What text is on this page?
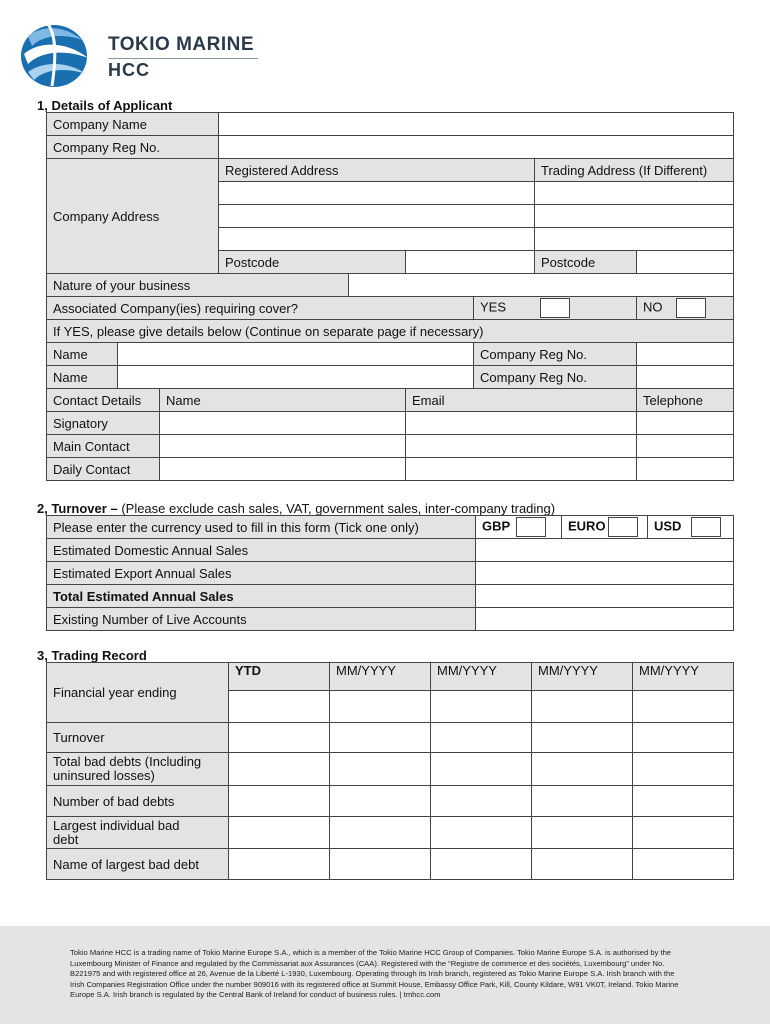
TOKIO MARINE
HCC
1, Details of Applicant
Company Name								
Company Reg No.								
Company Address			Registered Address				Trading Address (If Different)	

			Postcode				Postcode	
Nature of your business								
Associated Company(ies) requiring cover?						YES		NO
If YES, please give details below (Continue on separate page if necessary)								
Name						Company Reg No.		
Name						Company Reg No.		
Contact Details		Name			Email			Telephone
Signatory								
Main Contact								
Daily Contact								
2, Turnover – (Please exclude cash sales, VAT, government sales, inter-company trading)
Please enter the currency used to fill in this form (Tick one only)	GBP	EURO	USD
Estimated Domestic Annual Sales			
Estimated Export Annual Sales			
Total Estimated Annual Sales			
Existing Number of Live Accounts			
3, Trading Record
Financial year ending	YTD	MM/YYYY	MM/YYYY	MM/YYYY	MM/YYYY

Turnover					

Total bad debts (Including
uninsured losses)					

Number of bad debts					

Largest individual bad
debt					

Name of largest bad debt					

Tokio Marine HCC is a trading name of Tokio Marine Europe S.A., which is a member of the Tokio Marine HCC Group of Companies. Tokio Marine Europe S.A. is authorised by the Luxembourg Minister of Finance and regulated by the Commissariat aux Assurances (CAA). Registered with the “Registre de commerce et des sociétés, Luxembourg” under No. B221975 and with registered office at 26, Avenue de la Liberté L-1930, Luxembourg. Operating through its Irish branch, registered as Tokio Marine Europe S.A. Irish branch with the Irish Companies Registration Office under the number 909016 with its registered office at Summit House, Embassy Office Park, Kill, County Kildare, W91 VK0T, Ireland. Tokio Marine Europe S.A. Irish branch is regulated by the Central Bank of Ireland for conduct of business rules. | tmhcc.com
